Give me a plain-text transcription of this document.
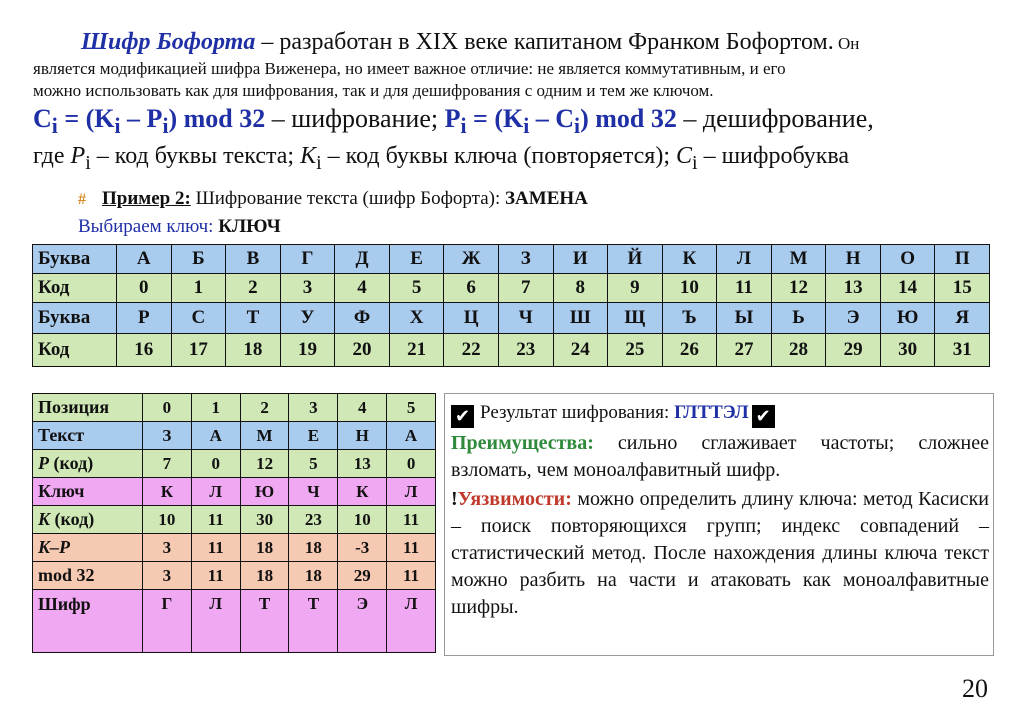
Шифр Бофорта – разработан в XIX веке капитаном Франком Бофортом. Он
является модификацией шифра Виженера, но имеет важное отличие: не является коммутативным, и его
можно использовать как для шифрования, так и для дешифрования с одним и тем же ключом.
$C_i = (K_i - P_i)$ mod 32 – шифрование; $P_i = (K_i - C_i)$ mod 32 – дешифрование,
где $P_i$ – код буквы текста; $K_i$ – код буквы ключа (повторяется); $C_i$ – шифробуква
# Пример 2: Шифрование текста (шифр Бофорта): ЗАМЕНА
Выбираем ключ: КЛЮЧ
Буква	А	Б	В	Г	Д	Е	Ж	З	И	Й	К	Л	М	Н	О	П
Код	0	1	2	3	4	5	6	7	8	9	10	11	12	13	14	15
Буква	Р	С	Т	У	Ф	Х	Ц	Ч	Ш	Щ	Ъ	Ы	Ь	Э	Ю	Я
Код	16	17	18	19	20	21	22	23	24	25	26	27	28	29	30	31
Позиция	0	1	2	3	4	5
Текст	З	А	М	Е	Н	А
P (код)	7	0	12	5	13	0
Ключ	К	Л	Ю	Ч	К	Л
K (код)	10	11	30	23	10	11
K–P	3	11	18	18	-3	11
mod 32	3	11	18	18	29	11
Шифр	Г	Л	Т	Т	Э	Л
✔ Результат шифрования: ГЛТТЭЛ ✔
Преимущества: сильно сглаживает частоты; сложнее взломать, чем моноалфавитный шифр.
!Уязвимости: можно определить длину ключа: метод Касиски – поиск повторяющихся групп; индекс совпадений – статистический метод. После нахождения длины ключа текст можно разбить на части и атаковать как моноалфавитные шифры.
20
